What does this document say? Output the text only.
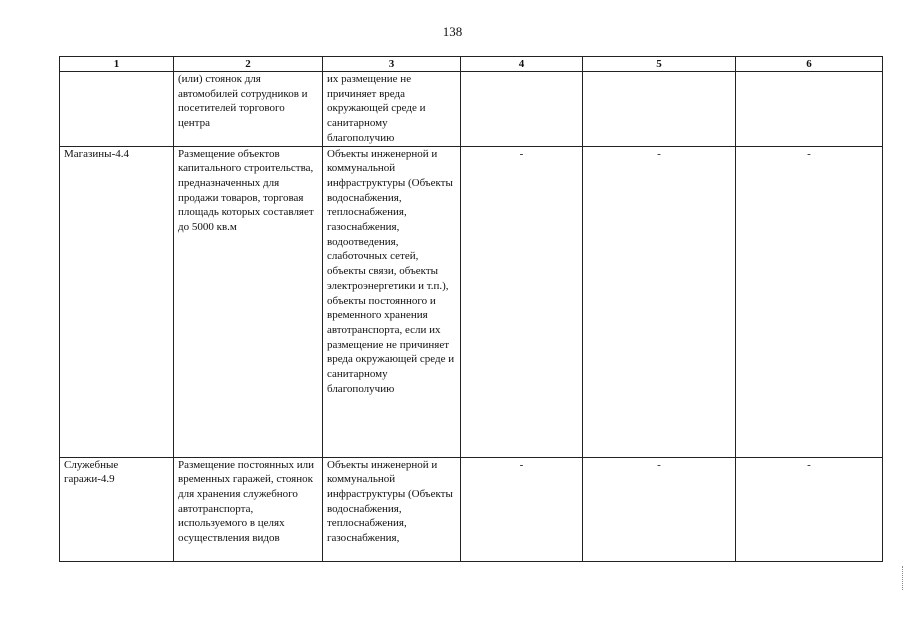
138
1	2	3	4	5	6
	(или) стоянок для автомобилей сотрудников и посетителей торгового центра	их размещение не причиняет вреда окружающей среде и санитарному благополучию			
Магазины-4.4	Размещение объектов капитального строительства, предназначенных для продажи товаров, торговая площадь которых составляет до 5000 кв.м	Объекты инженерной и коммунальной инфраструктуры (Объекты водоснабжения, теплоснабжения, газоснабжения, водоотведения, слаботочных сетей, объекты связи, объекты электроэнергетики и т.п.), объекты постоянного и временного хранения автотранспорта, если их размещение не причиняет вреда окружающей среде и санитарному благополучию	-	-	-
Служебные гаражи-4.9	Размещение постоянных или временных гаражей, стоянок для хранения служебного автотранспорта, используемого в целях осуществления видов	Объекты инженерной и коммунальной инфраструктуры (Объекты водоснабжения, теплоснабжения, газоснабжения,	-	-	-
